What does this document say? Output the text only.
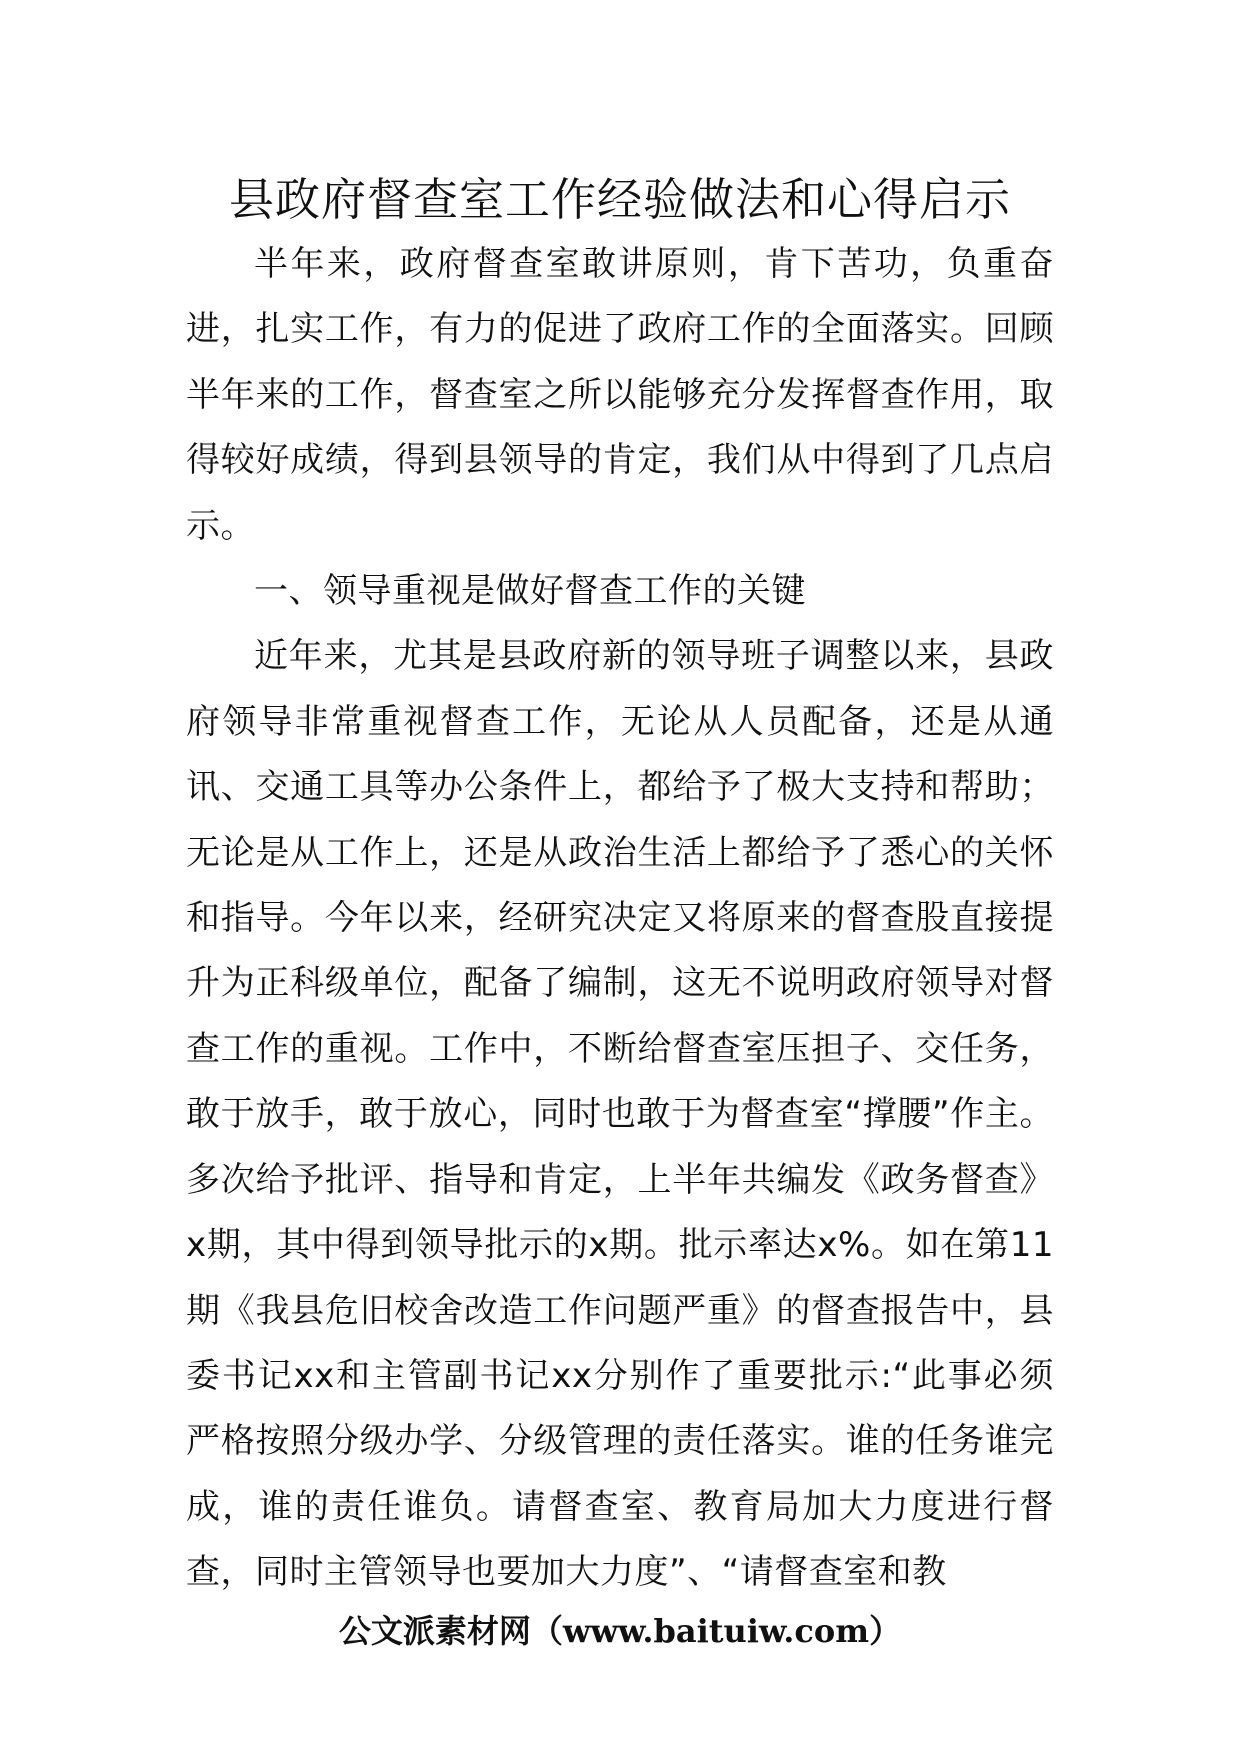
县政府督查室工作经验做法和心得启示

半年来，政府督查室敢讲原则，肯下苦功，负重奋进，扎实工作，有力的促进了政府工作的全面落实。回顾半年来的工作，督查室之所以能够充分发挥督查作用，取得较好成绩，得到县领导的肯定，我们从中得到了几点启示。

一、领导重视是做好督查工作的关键

近年来，尤其是县政府新的领导班子调整以来，县政府领导非常重视督查工作，无论从人员配备，还是从通讯、交通工具等办公条件上，都给予了极大支持和帮助；无论是从工作上，还是从政治生活上都给予了悉心的关怀和指导。今年以来，经研究决定又将原来的督查股直接提升为正科级单位，配备了编制，这无不说明政府领导对督查工作的重视。工作中，不断给督查室压担子、交任务，敢于放手，敢于放心，同时也敢于为督查室“撑腰”作主。多次给予批评、指导和肯定，上半年共编发《政务督查》x期，其中得到领导批示的x期。批示率达x%。如在第11期《我县危旧校舍改造工作问题严重》的督查报告中，县委书记xx和主管副书记xx分别作了重要批示:“此事必须严格按照分级办学、分级管理的责任落实。谁的任务谁完成，谁的责任谁负。请督查室、教育局加大力度进行督查，同时主管领导也要加大力度”、“请督查室和教

公文派素材网（www.baituiw.com）
